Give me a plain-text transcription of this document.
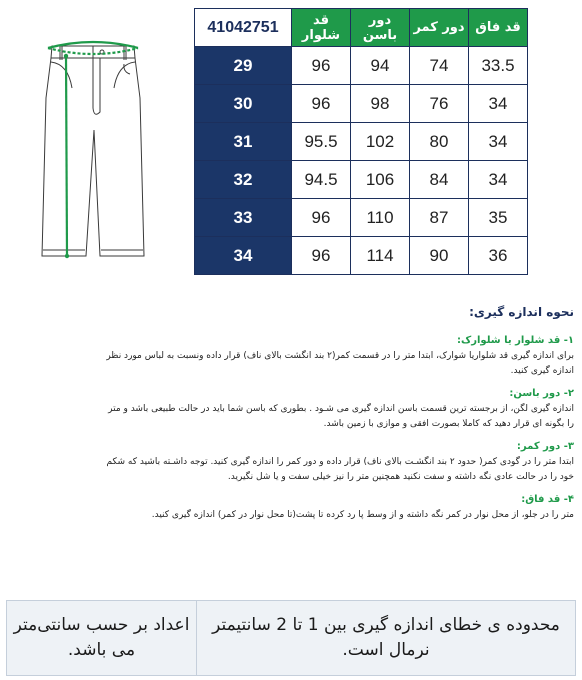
قد فاق	دور کمر	دور باسن	قد شلوار	41042751
33.5	74	94	96	29
34	76	98	96	30
34	80	102	95.5	31
34	84	106	94.5	32
35	87	110	96	33
36	90	114	96	34

نحوه اندازه گیری:

۱- قد شلوار یا شلوارک:

برای اندازه گیری قد شلواریا شوارک، ابتدا متر را در قسمت کمر(۲ بند انگشت بالای ناف) قرار داده ونسبت به لباس مورد نظر اندازه گیری کنید.

۲- دور باسن:

اندازه گیری لگن، از برجسته ترین قسمت باسن اندازه گیری می شـود . بطوری که باسن شما باید در حالت طبیعی باشد و متر را بگونه ای قرار دهید که کاملا بصورت افقی و موازی با زمین باشد.

۳- دور کمر:

ابتدا متر را در گودی کمر( حدود ۲ بند انگشـت بالای ناف) قرار داده و دور کمر را اندازه گیری کنید. توجه داشـته باشید که شکم خود را در حالت عادی نگه داشته و سفت نکنید همچنین متر را نیز خیلی سفت و یا شل نگیرید.

۴- قد فاق:

متر را در جلو، از محل نوار در کمر نگه داشته و از وسط پا رد کرده تا پشت(تا محل نوار در کمر) اندازه گیری کنید.

محدوده ی خطای اندازه گیری بین 1 تا 2 سانتیمتر نرمال است.
اعداد بر حسب سانتی‌متر می باشد.
